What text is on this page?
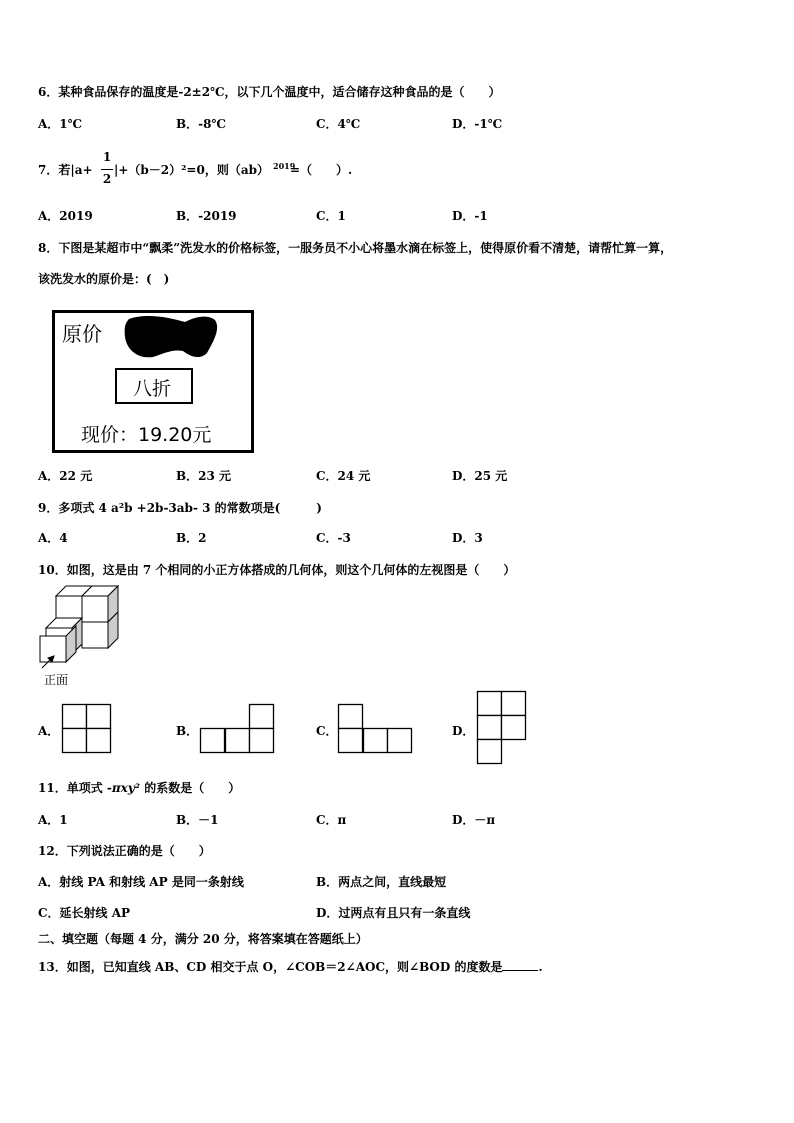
6．某种食品保存的温度是-2±2℃，以下几个温度中，适合储存这种食品的是（　　）
A．1℃	B．-8℃	C．4℃	D．-1℃
7．若|a+
1
2
|+（b－2）²=0，则（ab） 2019
=（　　）.
A．2019	B．-2019	C．1	D．-1
8．下图是某超市中“飘柔”洗发水的价格标签，一服务员不小心将墨水滴在标签上，使得原价看不清楚，请帮忙算一算，
该洗发水的原价是：(　)
原价
八折
现价：19.20元
A．22 元	B．23 元	C．24 元	D．25 元
9．多项式 4 a²b +2b-3ab- 3 的常数项是(　　　)
A．4	B．2	C．-3	D．3
10．如图，这是由 7 个相同的小正方体搭成的几何体，则这个几何体的左视图是（　　）
正面
A．	B．	C．	D．
11．单项式 -πxy² 的系数是（　　）
A．1	B．－1	C．π	D．－π
12．下列说法正确的是（　　）
A．射线 PA 和射线 AP 是同一条射线	B．两点之间，直线最短
C．延长射线 AP	D．过两点有且只有一条直线
二、填空题（每题 4 分，满分 20 分，将答案填在答题纸上）
13．如图，已知直线 AB、CD 相交于点 O，∠COB＝2∠AOC，则∠BOD 的度数是	.
